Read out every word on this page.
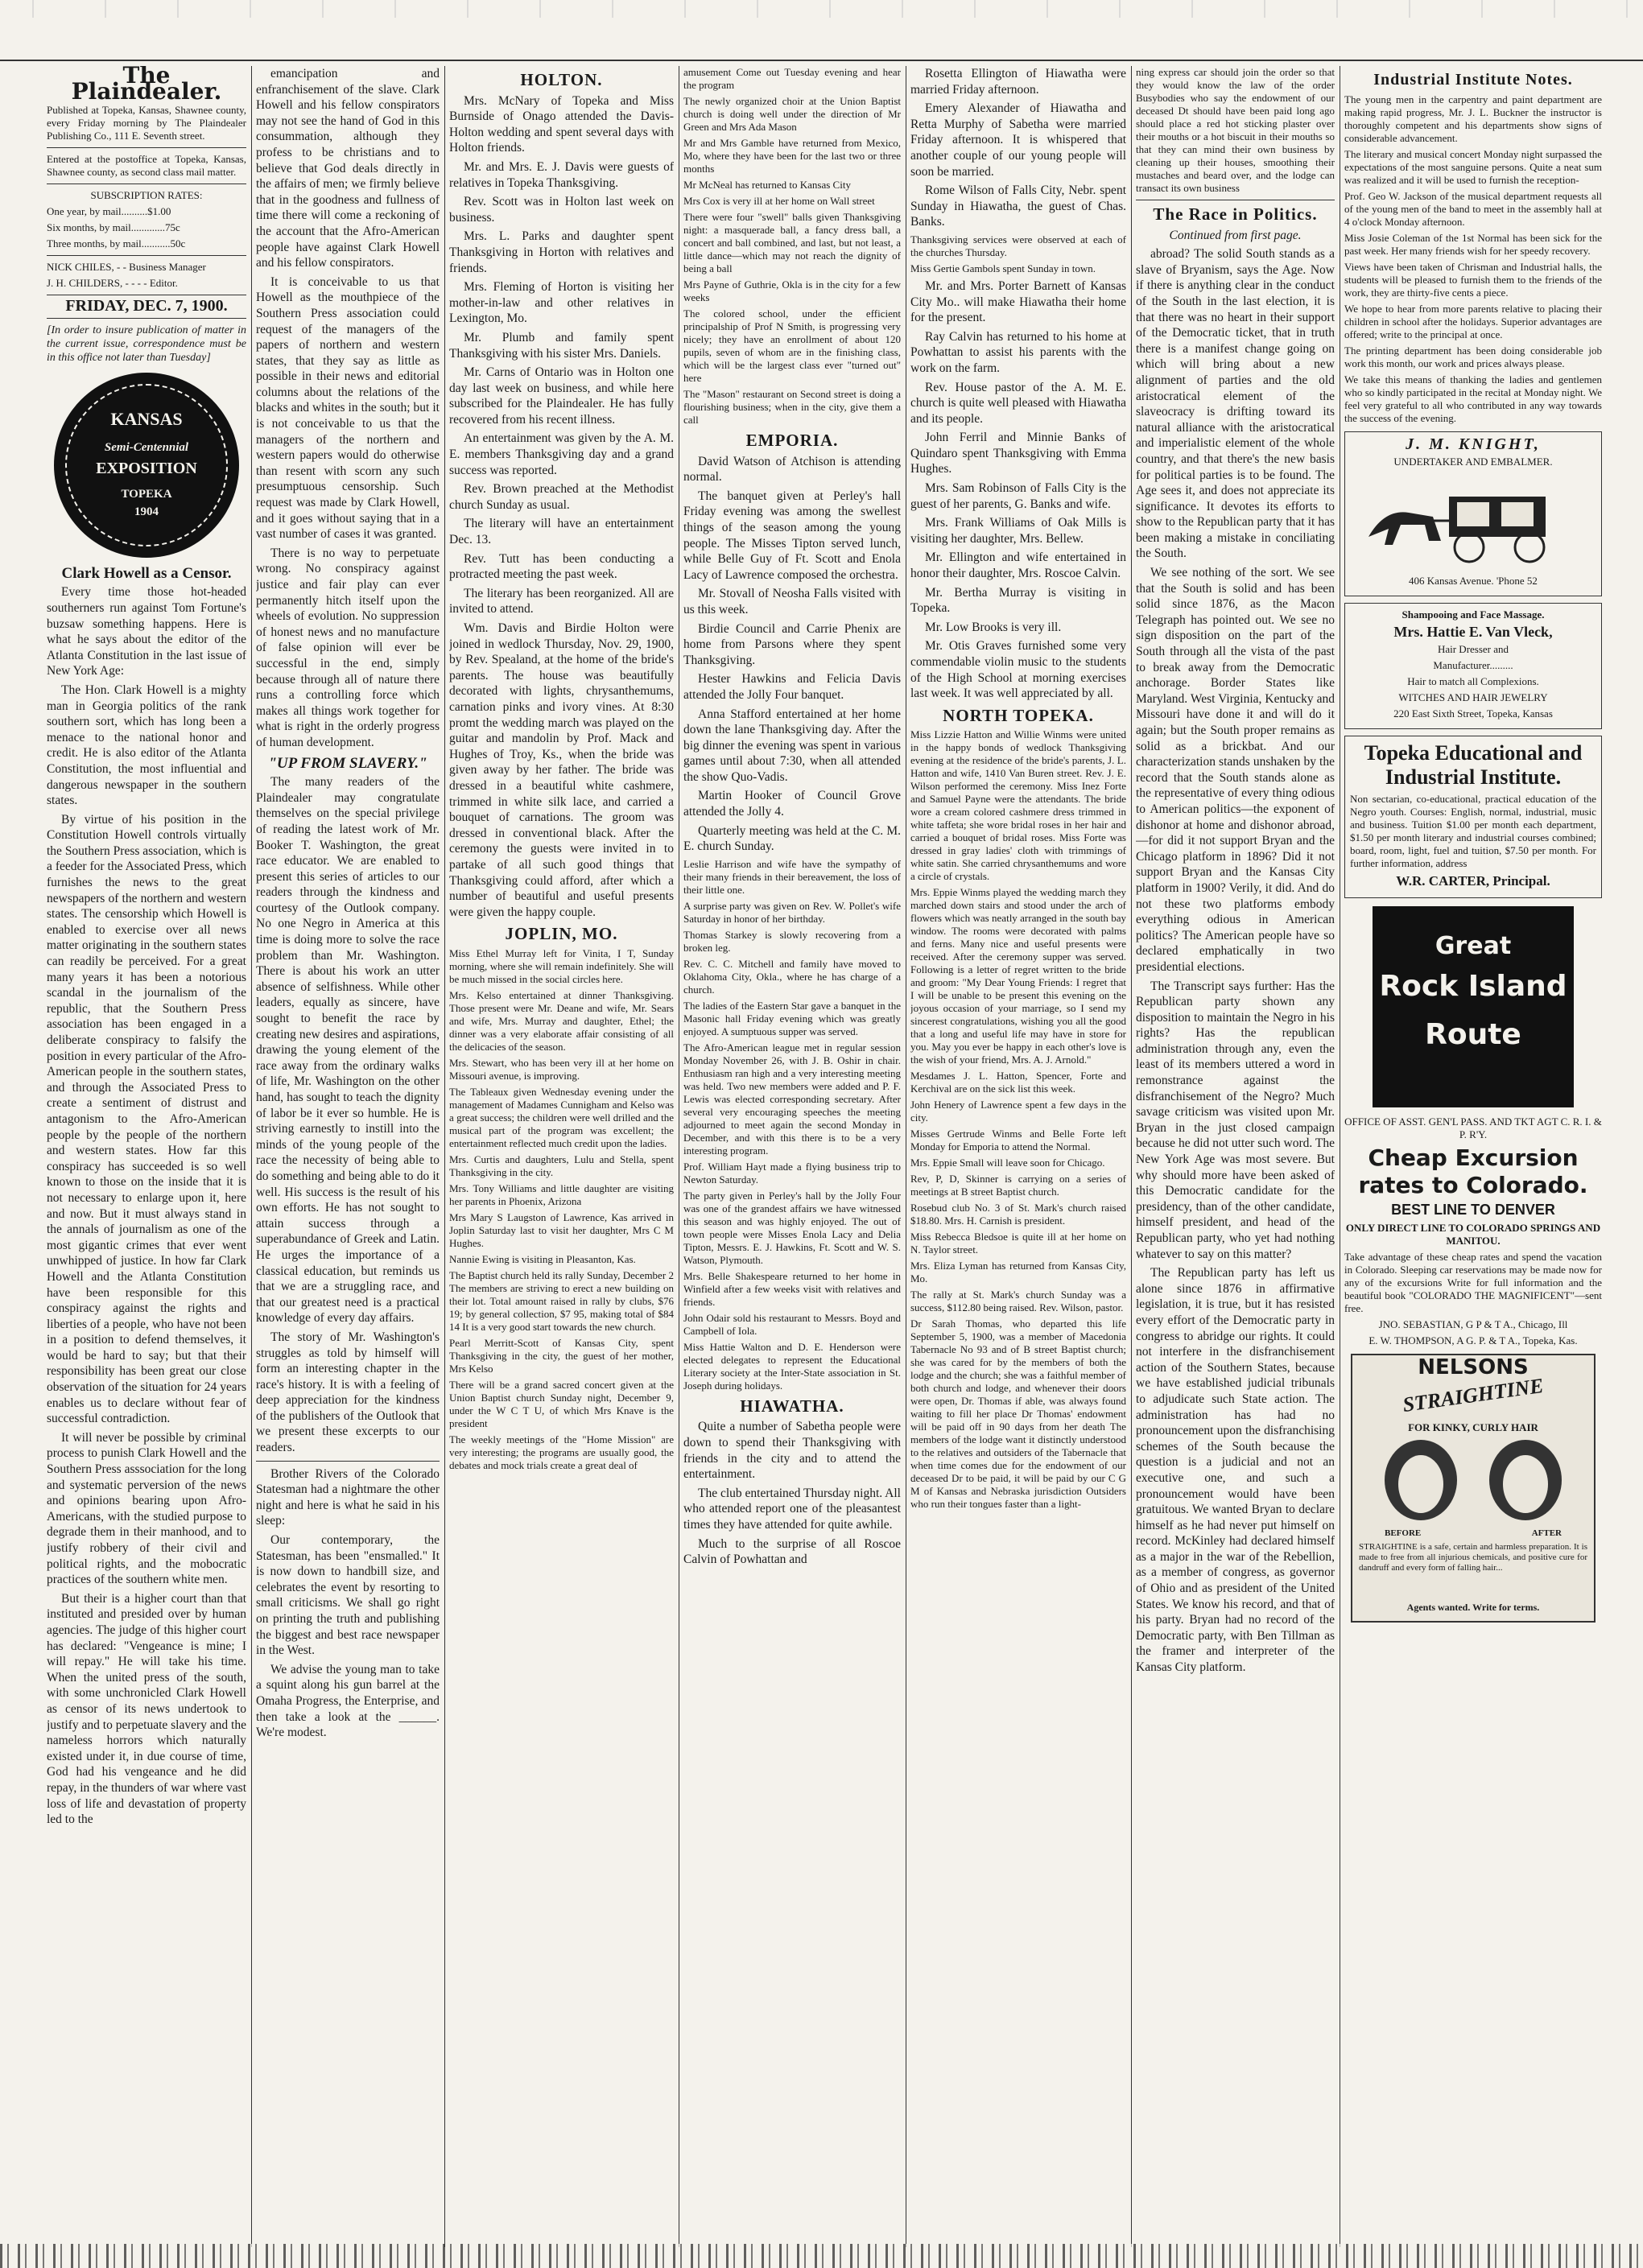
The Plaindealer.

Published at Topeka, Kansas, Shawnee county, every Friday morning by The Plaindealer Publishing Co., 111 E. Seventh street.

Entered at the postoffice at Topeka, Kansas, Shawnee county, as second class mail matter.

SUBSCRIPTION RATES:

One year, by mail..........$1.00

Six months, by mail.............75c

Three months, by mail...........50c

NICK CHILES, - - Business Manager

J. H. CHILDERS, - - - - Editor.

FRIDAY, DEC. 7, 1900.

[In order to insure publication of matter in the current issue, correspondence must be in this office not later than Tuesday]

KANSAS
Semi-Centennial
EXPOSITION
TOPEKA
1904
Clark Howell as a Censor.

Every time those hot-headed southerners run against Tom Fortune's buzsaw something happens. Here is what he says about the editor of the Atlanta Constitution in the last issue of New York Age:

The Hon. Clark Howell is a mighty man in Georgia politics of the rank southern sort, which has long been a menace to the national honor and credit. He is also editor of the Atlanta Constitution, the most influential and dangerous newspaper in the southern states.

By virtue of his position in the Constitution Howell controls virtually the Southern Press association, which is a feeder for the Associated Press, which furnishes the news to the great newspapers of the northern and western states. The censorship which Howell is enabled to exercise over all news matter originating in the southern states can readily be perceived. For a great many years it has been a notorious scandal in the journalism of the republic, that the Southern Press association has been engaged in a deliberate conspiracy to falsify the position in every particular of the Afro-American people in the southern states, and through the Associated Press to create a sentiment of distrust and antagonism to the Afro-American people by the people of the northern and western states. How far this conspiracy has succeeded is so well known to those on the inside that it is not necessary to enlarge upon it, here and now. But it must always stand in the annals of journalism as one of the most gigantic crimes that ever went unwhipped of justice. In how far Clark Howell and the Atlanta Constitution have been responsible for this conspiracy against the rights and liberties of a people, who have not been in a position to defend themselves, it would be hard to say; but that their responsibility has been great our close observation of the situation for 24 years enables us to declare without fear of successful contradiction.

It will never be possible by criminal process to punish Clark Howell and the Southern Press asssociation for the long and systematic perversion of the news and opinions bearing upon Afro-Americans, with the studied purpose to degrade them in their manhood, and to justify robbery of their civil and political rights, and the mobocratic practices of the southern white men.

But their is a higher court than that instituted and presided over by human agencies. The judge of this higher court has declared: "Vengeance is mine; I will repay." He will take his time. When the united press of the south, with some unchronicled Clark Howell as censor of its news undertook to justify and to perpetuate slavery and the nameless horrors which naturally existed under it, in due course of time, God had his vengeance and he did repay, in the thunders of war where vast loss of life and devastation of property led to the

emancipation and enfranchisement of the slave. Clark Howell and his fellow conspirators may not see the hand of God in this consummation, although they profess to be christians and to believe that God deals directly in the affairs of men; we firmly believe that in the goodness and fullness of time there will come a reckoning of the account that the Afro-American people have against Clark Howell and his fellow conspirators.

It is conceivable to us that Howell as the mouthpiece of the Southern Press association could request of the managers of the papers of northern and western states, that they say as little as possible in their news and editorial columns about the relations of the blacks and whites in the south; but it is not conceivable to us that the managers of the northern and western papers would do otherwise than resent with scorn any such presumptuous censorship. Such request was made by Clark Howell, and it goes without saying that in a vast number of cases it was granted.

There is no way to perpetuate wrong. No conspiracy against justice and fair play can ever permanently hitch itself upon the wheels of evolution. No suppression of honest news and no manufacture of false opinion will ever be successful in the end, simply because through all of nature there runs a controlling force which makes all things work together for what is right in the orderly progress of human development.

"UP FROM SLAVERY."

The many readers of the Plaindealer may congratulate themselves on the special privilege of reading the latest work of Mr. Booker T. Washington, the great race educator. We are enabled to present this series of articles to our readers through the kindness and courtesy of the Outlook company. No one Negro in America at this time is doing more to solve the race problem than Mr. Washington. There is about his work an utter absence of selfishness. While other leaders, equally as sincere, have sought to benefit the race by creating new desires and aspirations, drawing the young element of the race away from the ordinary walks of life, Mr. Washington on the other hand, has sought to teach the dignity of labor be it ever so humble. He is striving earnestly to instill into the minds of the young people of the race the necessity of being able to do something and being able to do it well. His success is the result of his own efforts. He has not sought to attain success through a superabundance of Greek and Latin. He urges the importance of a classical education, but reminds us that we are a struggling race, and that our greatest need is a practical knowledge of every day affairs.

The story of Mr. Washington's struggles as told by himself will form an interesting chapter in the race's history. It is with a feeling of deep appreciation for the kindness of the publishers of the Outlook that we present these excerpts to our readers.

Brother Rivers of the Colorado Statesman had a nightmare the other night and here is what he said in his sleep:

Our contemporary, the Statesman, has been "ensmalled." It is now down to handbill size, and celebrates the event by resorting to small criticisms. We shall go right on printing the truth and publishing the biggest and best race newspaper in the West.

We advise the young man to take a squint along his gun barrel at the Omaha Progress, the Enterprise, and then take a look at the ______. We're modest.

HOLTON.

Mrs. McNary of Topeka and Miss Burnside of Onago attended the Davis-Holton wedding and spent several days with Holton friends.

Mr. and Mrs. E. J. Davis were guests of relatives in Topeka Thanksgiving.

Rev. Scott was in Holton last week on business.

Mrs. L. Parks and daughter spent Thanksgiving in Horton with relatives and friends.

Mrs. Fleming of Horton is visiting her mother-in-law and other relatives in Lexington, Mo.

Mr. Plumb and family spent Thanksgiving with his sister Mrs. Daniels.

Mr. Carns of Ontario was in Holton one day last week on business, and while here subscribed for the Plaindealer. He has fully recovered from his recent illness.

An entertainment was given by the A. M. E. members Thanksgiving day and a grand success was reported.

Rev. Brown preached at the Methodist church Sunday as usual.

The literary will have an entertainment Dec. 13.

Rev. Tutt has been conducting a protracted meeting the past week.

The literary has been reorganized. All are invited to attend.

Wm. Davis and Birdie Holton were joined in wedlock Thursday, Nov. 29, 1900, by Rev. Spealand, at the home of the bride's parents. The house was beautifully decorated with lights, chrysanthemums, carnation pinks and ivory vines. At 8:30 promt the wedding march was played on the guitar and mandolin by Prof. Mack and Hughes of Troy, Ks., when the bride was given away by her father. The bride was dressed in a beautiful white cashmere, trimmed in white silk lace, and carried a bouquet of carnations. The groom was dressed in conventional black. After the ceremony the guests were invited in to partake of all such good things that Thanksgiving could afford, after which a number of beautiful and useful presents were given the happy couple.

JOPLIN, MO.

Miss Ethel Murray left for Vinita, I T, Sunday morning, where she will remain indefinitely. She will be much missed in the social circles here.

Mrs. Kelso entertained at dinner Thanksgiving. Those present were Mr. Deane and wife, Mr. Sears and wife, Mrs. Murray and daughter, Ethel; the dinner was a very elaborate affair consisting of all the delicacies of the season.

Mrs. Stewart, who has been very ill at her home on Missouri avenue, is improving.

The Tableaux given Wednesday evening under the management of Madames Cunnigham and Kelso was a great success; the children were well drilled and the musical part of the program was excellent; the entertainment reflected much credit upon the ladies.

Mrs. Curtis and daughters, Lulu and Stella, spent Thanksgiving in the city.

Mrs. Tony Williams and little daughter are visiting her parents in Phoenix, Arizona

Mrs Mary S Laugston of Lawrence, Kas arrived in Joplin Saturday last to visit her daughter, Mrs C M Hughes.

Nannie Ewing is visiting in Pleasanton, Kas.

The Baptist church held its rally Sunday, December 2 The members are striving to erect a new building on their lot. Total amount raised in rally by clubs, $76 19; by general collection, $7 95, making total of $84 14 It is a very good start towards the new church.

Pearl Merritt-Scott of Kansas City, spent Thanksgiving in the city, the guest of her mother, Mrs Kelso

There will be a grand sacred concert given at the Union Baptist church Sunday night, December 9, under the W C T U, of which Mrs Knave is the president

The weekly meetings of the "Home Mission" are very interesting; the programs are usually good, the debates and mock trials create a great deal of

amusement Come out Tuesday evening and hear the program

The newly organized choir at the Union Baptist church is doing well under the direction of Mr Green and Mrs Ada Mason

Mr and Mrs Gamble have returned from Mexico, Mo, where they have been for the last two or three months

Mr McNeal has returned to Kansas City

Mrs Cox is very ill at her home on Wall street

There were four "swell" balls given Thanksgiving night: a masquerade ball, a fancy dress ball, a concert and ball combined, and last, but not least, a little dance—which may not reach the dignity of being a ball

Mrs Payne of Guthrie, Okla is in the city for a few weeks

The colored school, under the efficient principalship of Prof N Smith, is progressing very nicely; they have an enrollment of about 120 pupils, seven of whom are in the finishing class, which will be the largest class ever "turned out" here

The "Mason" restaurant on Second street is doing a flourishing business; when in the city, give them a call

EMPORIA.

David Watson of Atchison is attending normal.

The banquet given at Perley's hall Friday evening was among the swellest things of the season among the young people. The Misses Tipton served lunch, while Belle Guy of Ft. Scott and Enola Lacy of Lawrence composed the orchestra.

Mr. Stovall of Neosha Falls visited with us this week.

Birdie Council and Carrie Phenix are home from Parsons where they spent Thanksgiving.

Hester Hawkins and Felicia Davis attended the Jolly Four banquet.

Anna Stafford entertained at her home down the lane Thanksgiving day. After the big dinner the evening was spent in various games until about 7:30, when all attended the show Quo-Vadis.

Martin Hooker of Council Grove attended the Jolly 4.

Quarterly meeting was held at the C. M. E. church Sunday.

Leslie Harrison and wife have the sympathy of their many friends in their bereavement, the loss of their little one.

A surprise party was given on Rev. W. Pollet's wife Saturday in honor of her birthday.

Thomas Starkey is slowly recovering from a broken leg.

Rev. C. C. Mitchell and family have moved to Oklahoma City, Okla., where he has charge of a church.

The ladies of the Eastern Star gave a banquet in the Masonic hall Friday evening which was greatly enjoyed. A sumptuous supper was served.

The Afro-American league met in regular session Monday November 26, with J. B. Oshir in chair. Enthusiasm ran high and a very interesting meeting was held. Two new members were added and P. F. Lewis was elected corresponding secretary. After several very encouraging speeches the meeting adjourned to meet again the second Monday in December, and with this there is to be a very interesting program.

Prof. William Hayt made a flying business trip to Newton Saturday.

The party given in Perley's hall by the Jolly Four was one of the grandest affairs we have witnessed this season and was highly enjoyed. The out of town people were Misses Enola Lacy and Delia Tipton, Messrs. E. J. Hawkins, Ft. Scott and W. S. Watson, Plymouth.

Mrs. Belle Shakespeare returned to her home in Winfield after a few weeks visit with relatives and friends.

John Odair sold his restaurant to Messrs. Boyd and Campbell of Iola.

Miss Hattie Walton and D. E. Henderson were elected delegates to represent the Educational Literary society at the Inter-State association in St. Joseph during holidays.

HIAWATHA.

Quite a number of Sabetha people were down to spend their Thanksgiving with friends in the city and to attend the entertainment.

The club entertained Thursday night. All who attended report one of the pleasantest times they have attended for quite awhile.

Much to the surprise of all Roscoe Calvin of Powhattan and

Rosetta Ellington of Hiawatha were married Friday afternoon.

Emery Alexander of Hiawatha and Retta Murphy of Sabetha were married Friday afternoon. It is whispered that another couple of our young people will soon be married.

Rome Wilson of Falls City, Nebr. spent Sunday in Hiawatha, the guest of Chas. Banks.

Thanksgiving services were observed at each of the churches Thursday.

Miss Gertie Gambols spent Sunday in town.

Mr. and Mrs. Porter Barnett of Kansas City Mo.. will make Hiawatha their home for the present.

Ray Calvin has returned to his home at Powhattan to assist his parents with the work on the farm.

Rev. House pastor of the A. M. E. church is quite well pleased with Hiawatha and its people.

John Ferril and Minnie Banks of Quindaro spent Thanksgiving with Emma Hughes.

Mrs. Sam Robinson of Falls City is the guest of her parents, G. Banks and wife.

Mrs. Frank Williams of Oak Mills is visiting her daughter, Mrs. Bellew.

Mr. Ellington and wife entertained in honor their daughter, Mrs. Roscoe Calvin.

Mr. Bertha Murray is visiting in Topeka.

Mr. Low Brooks is very ill.

Mr. Otis Graves furnished some very commendable violin music to the students of the High School at morning exercises last week. It was well appreciated by all.

NORTH TOPEKA.

Miss Lizzie Hatton and Willie Winms were united in the happy bonds of wedlock Thanksgiving evening at the residence of the bride's parents, J. L. Hatton and wife, 1410 Van Buren street. Rev. J. E. Wilson performed the ceremony. Miss Inez Forte and Samuel Payne were the attendants. The bride wore a cream colored cashmere dress trimmed in white taffeta; she wore bridal roses in her hair and carried a bouquet of bridal roses. Miss Forte was dressed in gray ladies' cloth with trimmings of white satin. She carried chrysanthemums and wore a circle of crystals.

Mrs. Eppie Winms played the wedding march they marched down stairs and stood under the arch of flowers which was neatly arranged in the south bay window. The rooms were decorated with palms and ferns. Many nice and useful presents were received. After the ceremony supper was served. Following is a letter of regret written to the bride and groom: "My Dear Young Friends: I regret that I will be unable to be present this evening on the joyous occasion of your marriage, so I send my sincerest congratulations, wishing you all the good that a long and useful life may have in store for you. May you ever be happy in each other's love is the wish of your friend, Mrs. A. J. Arnold."

Mesdames J. L. Hatton, Spencer, Forte and Kerchival are on the sick list this week.

John Henery of Lawrence spent a few days in the city.

Misses Gertrude Winms and Belle Forte left Monday for Emporia to attend the Normal.

Mrs. Eppie Small will leave soon for Chicago.

Rev, P, D, Skinner is carrying on a series of meetings at B street Baptist church.

Rosebud club No. 3 of St. Mark's church raised $18.80. Mrs. H. Carnish is president.

Miss Rebecca Bledsoe is quite ill at her home on N. Taylor street.

Mrs. Eliza Lyman has returned from Kansas City, Mo.

The rally at St. Mark's church Sunday was a success, $112.80 being raised. Rev. Wilson, pastor.

Dr Sarah Thomas, who departed this life September 5, 1900, was a member of Macedonia Tabernacle No 93 and of B street Baptist church; she was cared for by the members of both the lodge and the church; she was a faithful member of both church and lodge, and whenever their doors were open, Dr. Thomas if able, was always found waiting to fill her place Dr Thomas' endowment will be paid off in 90 days from her death The members of the lodge want it distinctly understood to the relatives and outsiders of the Tabernacle that when time comes due for the endowment of our deceased Dr to be paid, it will be paid by our C G M of Kansas and Nebraska jurisdiction Outsiders who run their tongues faster than a light-

ning express car should join the order so that they would know the law of the order Busybodies who say the endowment of our deceased Dt should have been paid long ago should place a red hot sticking plaster over their mouths or a hot biscuit in their mouths so that they can mind their own business by cleaning up their houses, smoothing their mustaches and beard over, and the lodge can transact its own business

The Race in Politics.

Continued from first page.

abroad? The solid South stands as a slave of Bryanism, says the Age. Now if there is anything clear in the conduct of the South in the last election, it is that there was no heart in their support of the Democratic ticket, that in truth there is a manifest change going on which will bring about a new alignment of parties and the old aristocratical element of the slaveocracy is drifting toward its natural alliance with the aristocratical and imperialistic element of the whole country, and that there's the new basis for political parties is to be found. The Age sees it, and does not appreciate its significance. It devotes its efforts to show to the Republican party that it has been making a mistake in conciliating the South.

We see nothing of the sort. We see that the South is solid and has been solid since 1876, as the Macon Telegraph has pointed out. We see no sign disposition on the part of the South through all the vista of the past to break away from the Democratic anchorage. Border States like Maryland. West Virginia, Kentucky and Missouri have done it and will do it again; but the South proper remains as solid as a brickbat. And our characterization stands unshaken by the record that the South stands alone as the representative of every thing odious to American politics—the exponent of dishonor at home and dishonor abroad,—for did it not support Bryan and the Chicago platform in 1896? Did it not support Bryan and the Kansas City platform in 1900? Verily, it did. And do not these two platforms embody everything odious in American politics? The American people have so declared emphatically in two presidential elections.

The Transcript says further: Has the Republican party shown any disposition to maintain the Negro in his rights? Has the republican administration through any, even the least of its members uttered a word in remonstrance against the disfranchisement of the Negro? Much savage criticism was visited upon Mr. Bryan in the just closed campaign because he did not utter such word. The New York Age was most severe. But why should more have been asked of this Democratic candidate for the presidency, than of the other candidate, himself president, and head of the Republican party, who yet had nothing whatever to say on this matter?

The Republican party has left us alone since 1876 in affirmative legislation, it is true, but it has resisted every effort of the Democratic party in congress to abridge our rights. It could not interfere in the disfranchisement action of the Southern States, because we have established judicial tribunals to adjudicate such State action. The administration has had no pronouncement upon the disfranchising schemes of the South because the question is a judicial and not an executive one, and such a pronouncement would have been gratuitous. We wanted Bryan to declare himself as he had never put himself on record. McKinley had declared himself as a major in the war of the Rebellion, as a member of congress, as governor of Ohio and as president of the United States. We know his record, and that of his party. Bryan had no record of the Democratic party, with Ben Tillman as the framer and interpreter of the Kansas City platform.

Industrial Institute Notes.

The young men in the carpentry and paint department are making rapid progress, Mr. J. L. Buckner the instructor is thoroughly competent and his departments show signs of considerable advancement.

The literary and musical concert Monday night surpassed the expectations of the most sanguine persons. Quite a neat sum was realized and it will be used to furnish the reception-

Prof. Geo W. Jackson of the musical department requests all of the young men of the band to meet in the assembly hall at 4 o'clock Monday afternoon.

Miss Josie Coleman of the 1st Normal has been sick for the past week. Her many friends wish for her speedy recovery.

Views have been taken of Chrisman and Industrial halls, the students will be pleased to furnish them to the friends of the work, they are thirty-five cents a piece.

We hope to hear from more parents relative to placing their children in school after the holidays. Superior advantages are offered; write to the principal at once.

The printing department has been doing considerable job work this month, our work and prices always please.

We take this means of thanking the ladies and gentlemen who so kindly participated in the recital at Monday night. We feel very grateful to all who contributed in any way towards the success of the evening.

J. M. KNIGHT,

UNDERTAKER AND EMBALMER.

406 Kansas Avenue. 'Phone 52

Shampooing and Face Massage.

Mrs. Hattie E. Van Vleck,

Hair Dresser and

Manufacturer.........

Hair to match all Complexions.

WITCHES AND HAIR JEWELRY

220 East Sixth Street, Topeka, Kansas

Topeka Educational and Industrial Institute.

Non sectarian, co-educational, practical education of the Negro youth. Courses: English, normal, industrial, music and business. Tuition $1.00 per month each department, $1.50 per month literary and industrial courses combined; board, room, light, fuel and tuition, $7.50 per month. For further information, address

W.R. CARTER, Principal.

Great
Rock Island
Route

OFFICE OF ASST. GEN'L PASS. AND TKT AGT C. R. I. & P. R'Y.

Cheap Excursion rates to Colorado.

BEST LINE TO DENVER

ONLY DIRECT LINE TO COLORADO SPRINGS AND MANITOU.

Take advantage of these cheap rates and spend the vacation in Colorado. Sleeping car reservations may be made now for any of the excursions Write for full information and the beautiful book "COLORADO THE MAGNIFICENT"—sent free.

JNO. SEBASTIAN, G P & T A., Chicago, Ill

E. W. THOMPSON, A G. P. & T A., Topeka, Kas.

NELSONS
STRAIGHTINE
FOR KINKY, CURLY HAIR
BEFORE	AFTER
STRAIGHTINE is a safe, certain and harmless preparation. It is made to free from all injurious chemicals, and positive cure for dandruff and every form of falling hair...
Agents wanted. Write for terms.
